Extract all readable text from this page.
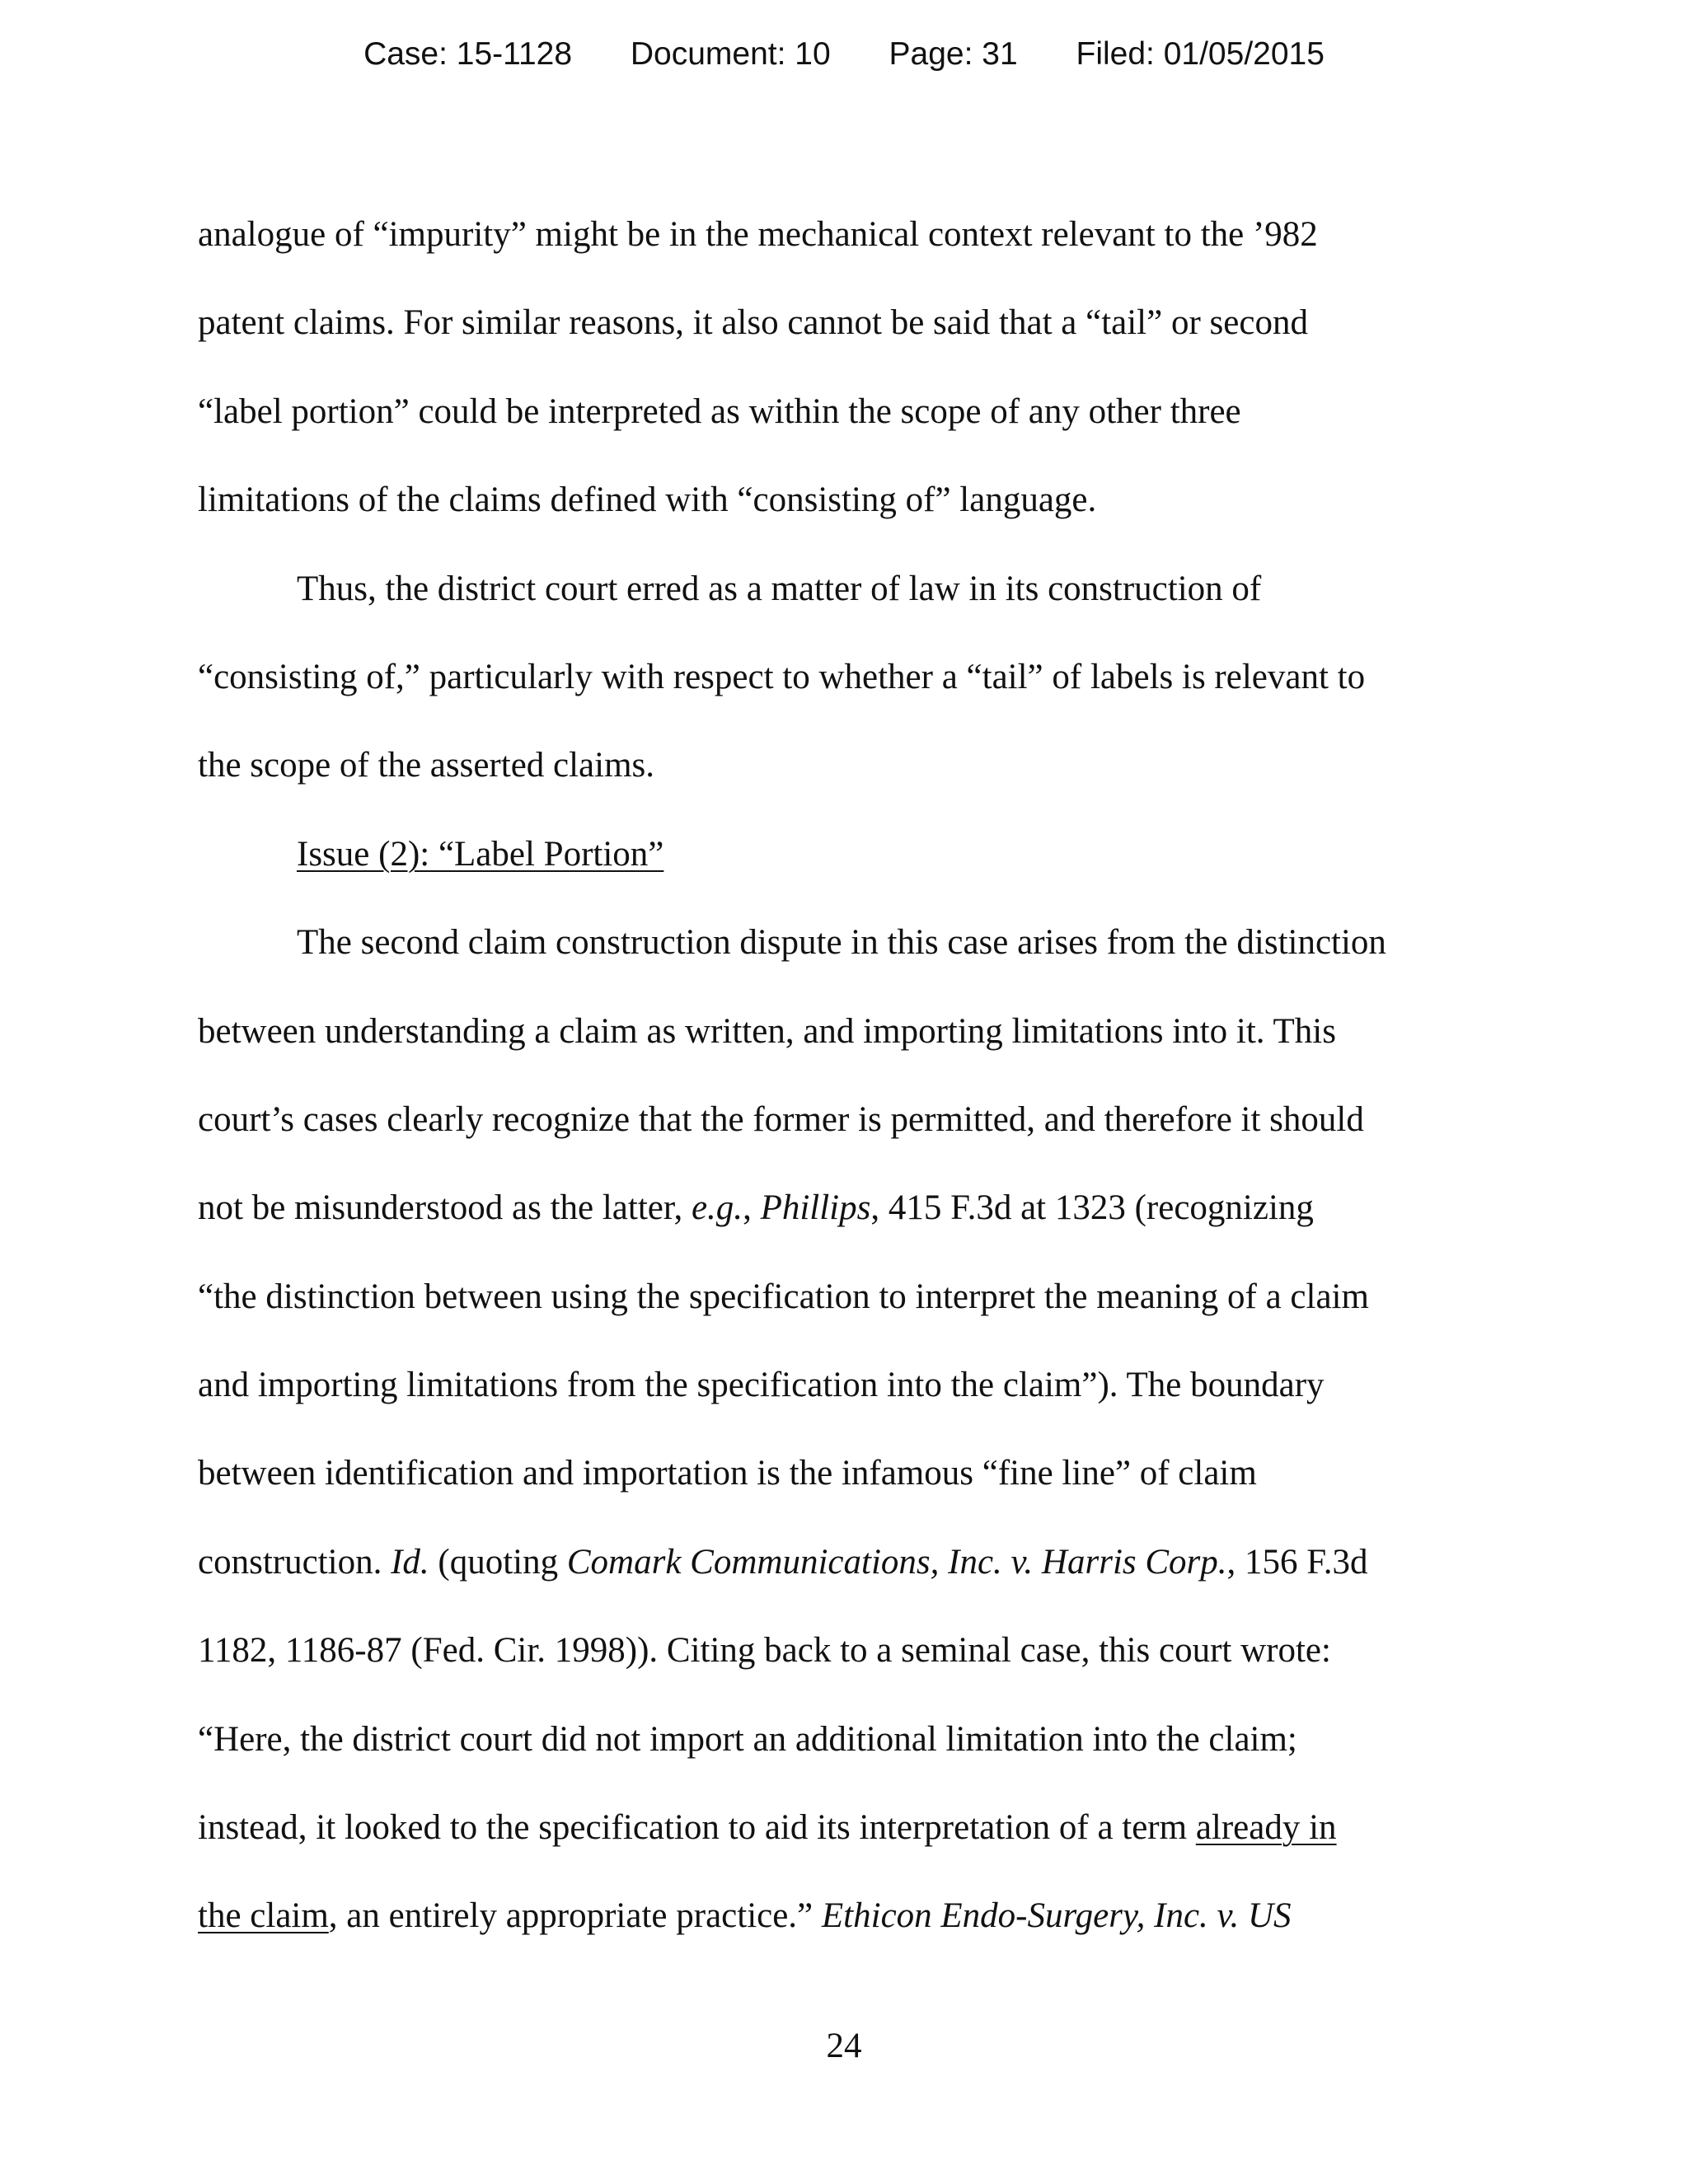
Case: 15-1128 Document: 10 Page: 31 Filed: 01/05/2015
analogue of “impurity” might be in the mechanical context relevant to the ’982
patent claims. For similar reasons, it also cannot be said that a “tail” or second
“label portion” could be interpreted as within the scope of any other three
limitations of the claims defined with “consisting of” language.
Thus, the district court erred as a matter of law in its construction of
“consisting of,” particularly with respect to whether a “tail” of labels is relevant to
the scope of the asserted claims.
Issue (2): “Label Portion”
The second claim construction dispute in this case arises from the distinction
between understanding a claim as written, and importing limitations into it. This
court’s cases clearly recognize that the former is permitted, and therefore it should
not be misunderstood as the latter, e.g., Phillips, 415 F.3d at 1323 (recognizing
“the distinction between using the specification to interpret the meaning of a claim
and importing limitations from the specification into the claim”). The boundary
between identification and importation is the infamous “fine line” of claim
construction. Id. (quoting Comark Communications, Inc. v. Harris Corp., 156 F.3d
1182, 1186-87 (Fed. Cir. 1998)). Citing back to a seminal case, this court wrote:
“Here, the district court did not import an additional limitation into the claim;
instead, it looked to the specification to aid its interpretation of a term already in
the claim, an entirely appropriate practice.” Ethicon Endo-Surgery, Inc. v. US
24
